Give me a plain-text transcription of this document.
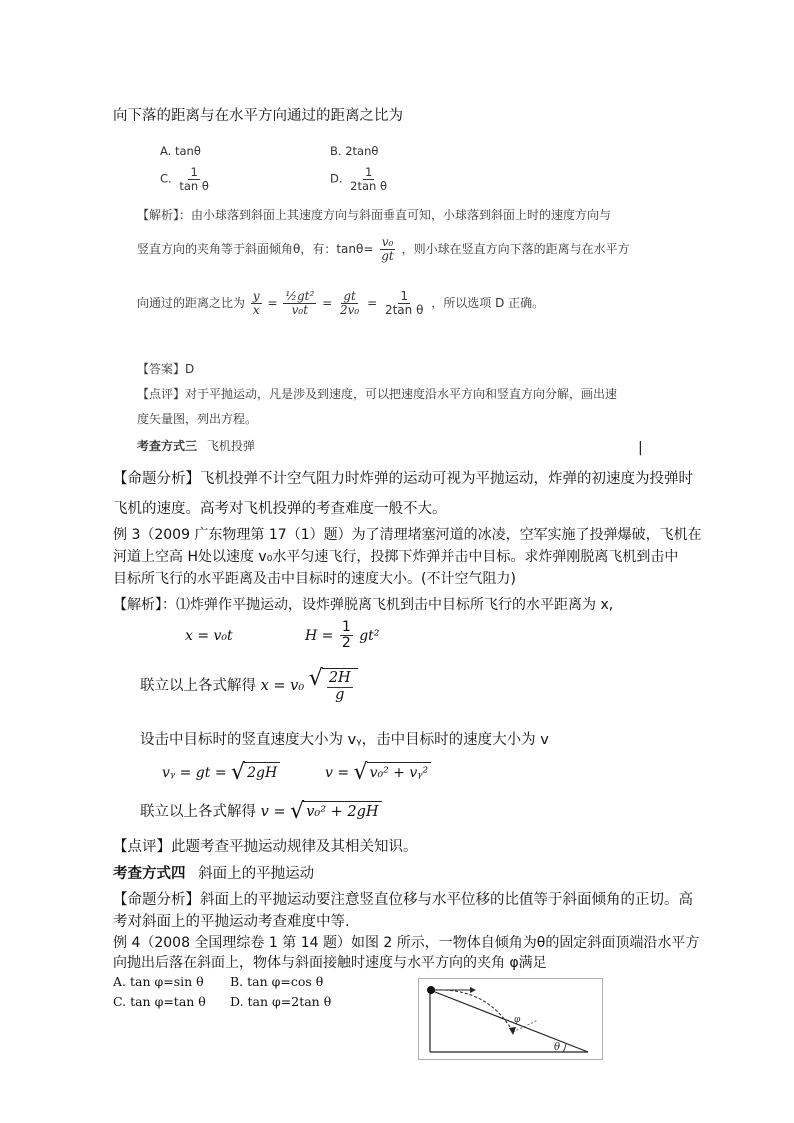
向下落的距离与在水平方向通过的距离之比为
A. tanθ	B. 2tanθ
C. $\frac{1}{\text{tan θ}}$	D. $\frac{1}{\text{2tan θ}}$
【解析】：由小球落到斜面上其速度方向与斜面垂直可知，小球落到斜面上时的速度方向与
竖直方向的夹角等于斜面倾角θ，有：$\tan\theta= \frac{\text{v₀}}{gt}$ ，则小球在竖直方向下落的距离与在水平方
向通过的距离之比为 $\frac{y}{x} = \frac{\text{½gt²}}{\text{v₀t}} = \frac{gt}{\text{2v₀}} = \frac{1}{\text{2tan θ}}$ ，所以选项 D 正确。
【答案】D
【点评】对于平抛运动，凡是涉及到速度，可以把速度沿水平方向和竖直方向分解，画出速
度矢量图，列出方程。
考查方式三 飞机投弹	|
【命题分析】飞机投弹不计空气阻力时炸弹的运动可视为平抛运动，炸弹的初速度为投弹时
飞机的速度。高考对飞机投弹的考查难度一般不大。
例 3（2009 广东物理第 17（1）题）为了清理堵塞河道的冰凌，空军实施了投弹爆破，飞机在
河道上空高 H处以速度 v₀水平匀速飞行，投掷下炸弹并击中目标。求炸弹刚脱离飞机到击中
目标所飞行的水平距离及击中目标时的速度大小。(不计空气阻力)
【解析】：⑴炸弹作平抛运动，设炸弹脱离飞机到击中目标所飞行的水平距离为 x,
x = v₀t	$H = \frac{1}{2} gt^2$
联立以上各式解得 x = v₀ √ $\frac{2H}{g}$
设击中目标时的竖直速度大小为 vᵧ，击中目标时的速度大小为 v
vᵧ = gt = √ 2gH	v = √ v₀² + vᵧ²
联立以上各式解得 v = √ v₀² + 2gH
【点评】此题考查平抛运动规律及其相关知识。
考查方式四 斜面上的平抛运动
【命题分析】斜面上的平抛运动要注意竖直位移与水平位移的比值等于斜面倾角的正切。高
考对斜面上的平抛运动考查难度中等.
例 4（2008 全国理综卷 1 第 14 题）如图 2 所示，一物体自倾角为θ的固定斜面顶端沿水平方
向抛出后落在斜面上，物体与斜面接触时速度与水平方向的夹角 φ满足
A. tan φ=sin θ B. tan φ=cos θ
C. tan φ=tan θ D. tan φ=2tan θ
φ
θ
